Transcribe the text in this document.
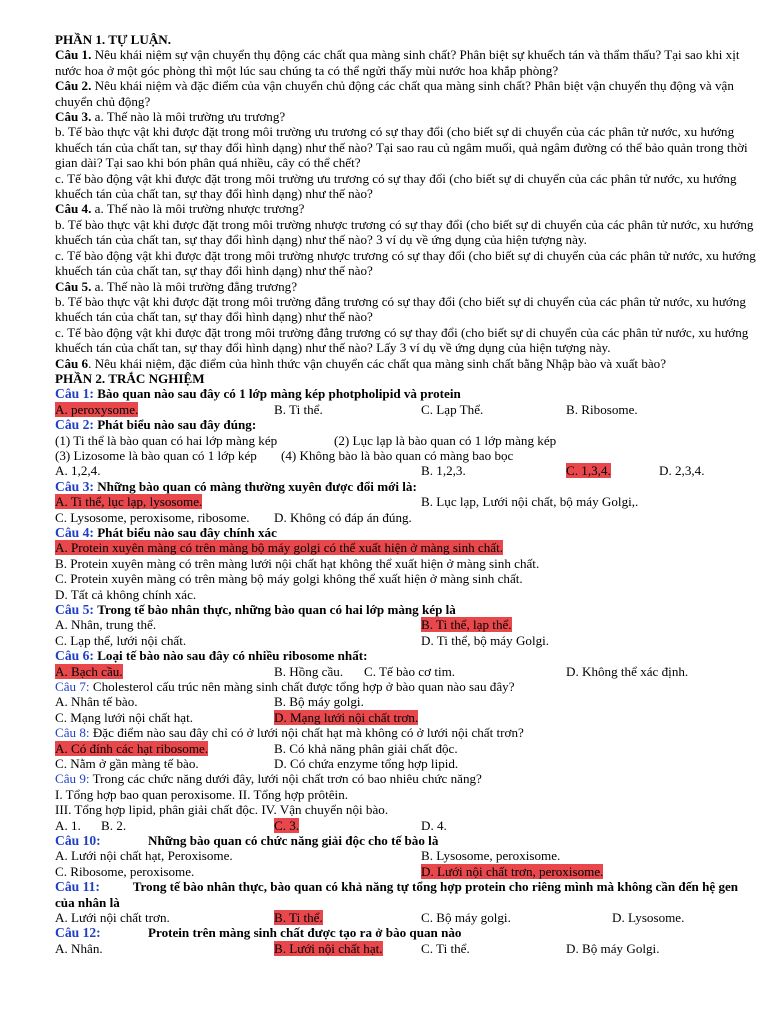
PHẦN 1. TỰ LUẬN.
Câu 1. Nêu khái niệm sự vận chuyển thụ động các chất qua màng sinh chất? Phân biệt sự khuếch tán và thẩm thấu? Tại sao khi xịt nước hoa ở một góc phòng thì một lúc sau chúng ta có thể ngửi thấy mùi nước hoa khắp phòng?
Câu 2. Nêu khái niệm và đặc điểm của vận chuyển chủ động các chất qua màng sinh chất? Phân biệt vận chuyển thụ động và vận chuyển chủ động?
Câu 3. a. Thế nào là môi trường ưu trương?
b. Tế bào thực vật khi được đặt trong môi trường ưu trương có sự thay đổi (cho biết sự di chuyển của các phân tử nước, xu hướng khuếch tán của chất tan, sự thay đổi hình dạng) như thế nào? Tại sao rau củ ngâm muối, quả ngâm đường có thể bảo quản trong thời gian dài? Tại sao khi bón phân quá nhiều, cây có thể chết?
c. Tế bào động vật khi được đặt trong môi trường ưu trương có sự thay đổi (cho biết sự di chuyển của các phân tử nước, xu hướng khuếch tán của chất tan, sự thay đổi hình dạng) như thế nào?
Câu 4. a. Thế nào là môi trường nhược trương?
b. Tế bào thực vật khi được đặt trong môi trường nhược trương có sự thay đổi (cho biết sự di chuyển của các phân tử nước, xu hướng khuếch tán của chất tan, sự thay đổi hình dạng) như thế nào? 3 ví dụ về ứng dụng của hiện tượng này.
c. Tế bào động vật khi được đặt trong môi trường nhược trương có sự thay đổi (cho biết sự di chuyển của các phân tử nước, xu hướng khuếch tán của chất tan, sự thay đổi hình dạng) như thế nào?
Câu 5. a. Thế nào là môi trường đẳng trương?
b. Tế bào thực vật khi được đặt trong môi trường đẳng trương có sự thay đổi (cho biết sự di chuyển của các phân tử nước, xu hướng khuếch tán của chất tan, sự thay đổi hình dạng) như thế nào?
c. Tế bào động vật khi được đặt trong môi trường đẳng trương có sự thay đổi (cho biết sự di chuyển của các phân tử nước, xu hướng khuếch tán của chất tan, sự thay đổi hình dạng) như thế nào? Lấy 3 ví dụ về ứng dụng của hiện tượng này.
Câu 6. Nêu khái niệm, đặc điểm của hình thức vận chuyển các chất qua màng sinh chất bằng Nhập bào và xuất bào?
PHẦN 2. TRẮC NGHIỆM
Câu 1: Bào quan nào sau đây có 1 lớp màng kép photpholipid và protein
A. peroxysome.	B. Ti thể.	C. Lạp Thể.	B. Ribosome.
Câu 2: Phát biểu nào sau đây đúng:
(1) Ti thể là bào quan có hai lớp màng kép	(2) Lục lạp là bào quan có 1 lớp màng kép
(3) Lizosome là bào quan có 1 lớp kép (4) Không bào là bào quan có màng bao bọc
A. 1,2,4.	B. 1,2,3.	C. 1,3,4.	D. 2,3,4.
Câu 3: Những bào quan có màng thường xuyên được đổi mới là:
A. Ti thể, lục lạp, lysosome.	B. Lục lạp, Lưới nội chất, bộ máy Golgi,.
C. Lysosome, peroxisome, ribosome. D. Không có đáp án đúng.
Câu 4: Phát biểu nào sau đây chính xác
A. Protein xuyên màng có trên màng bộ máy golgi có thể xuất hiện ở màng sinh chất.
B. Protein xuyên màng có trên màng lưới nội chất hạt không thể xuất hiện ở màng sinh chất.
C. Protein xuyên màng có trên màng bộ máy golgi không thể xuất hiện ở màng sinh chất.
D. Tất cả không chính xác.
Câu 5: Trong tế bào nhân thực, những bào quan có hai lớp màng kép là
A. Nhân, trung thể.	B. Ti thể, lạp thể.
C. Lạp thể, lưới nội chất.	D. Ti thể, bộ máy Golgi.
Câu 6: Loại tế bào nào sau đây có nhiều ribosome nhất:
A. Bạch cầu.	B. Hồng cầu. C. Tế bào cơ tim.	D. Không thể xác định.
Câu 7: Cholesterol cấu trúc nên màng sinh chất được tổng hợp ở bào quan nào sau đây?
A. Nhân tế bào.	B. Bộ máy golgi.
C. Mạng lưới nội chất hạt.	D. Mạng lưới nội chất trơn.
Câu 8: Đặc điểm nào sau đây chỉ có ở lưới nội chất hạt mà không có ở lưới nội chất trơn?
A. Có đính các hạt ribosome.	B. Có khả năng phân giải chất độc.
C. Nằm ở gần màng tế bào.	D. Có chứa enzyme tổng hợp lipid.
Câu 9: Trong các chức năng dưới đây, lưới nội chất trơn có bao nhiêu chức năng?
I. Tổng hợp bao quan peroxisome. II. Tổng hợp prôtêin.
III. Tổng hợp lipid, phân giải chất độc. IV. Vận chuyển nội bào.
A. 1. B. 2.	C. 3.	D. 4.
Câu 10:	Những bào quan có chức năng giải độc cho tế bào là
A. Lưới nội chất hạt, Peroxisome.	B. Lysosome, peroxisome.
C. Ribosome, peroxisome.	D. Lưới nội chất trơn, peroxisome.
Câu 11: Trong tế bào nhân thực, bào quan có khả năng tự tổng hợp protein cho riêng mình mà không cần đến hệ gen của nhân là
A. Lưới nội chất trơn.	B. Ti thể.	C. Bộ máy golgi.	D. Lysosome.
Câu 12:	Protein trên màng sinh chất được tạo ra ở bào quan nào
A. Nhân.	B. Lưới nội chất hạt.	C. Ti thể.	D. Bộ máy Golgi.
